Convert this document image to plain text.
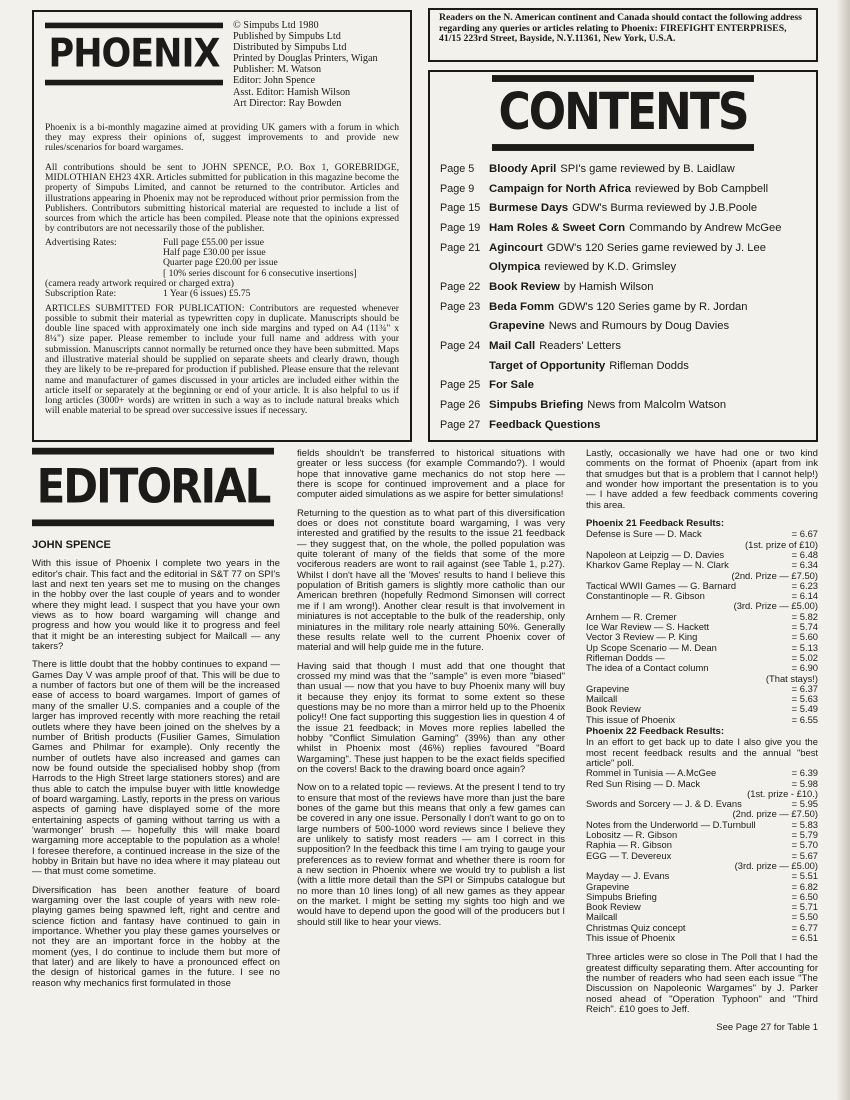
PHOENIX
© Simpubs Ltd 1980
Published by Simpubs Ltd
Distributed by Simpubs Ltd
Printed by Douglas Printers, Wigan
Publisher: M. Watson
Editor: John Spence
Asst. Editor: Hamish Wilson
Art Director: Ray Bowden

Phoenix is a bi-monthly magazine aimed at providing UK gamers with a forum in which they may express their opinions of, suggest improvements to and provide new rules/scenarios for board wargames.

All contributions should be sent to JOHN SPENCE, P.O. Box 1, GOREBRIDGE, MIDLOTHIAN EH23 4XR. Articles submitted for publication in this magazine become the property of Simpubs Limited, and cannot be returned to the contributor. Articles and illustrations appearing in Phoenix may not be reproduced without prior permission from the Publishers. Contributors submitting historical material are requested to include a list of sources from which the article has been compiled. Please note that the opinions expressed by contributors are not necessarily those of the publisher.

Advertising Rates:	Full page £55.00 per issue
Half page £30.00 per issue
Quarter page £20.00 per issue
[ 10% series discount for 6 consecutive insertions]
(camera ready artwork required or charged extra)
Subscription Rate:	1 Year (6 issues) £5.75

ARTICLES SUBMITTED FOR PUBLICATION: Contributors are requested whenever possible to submit their material as typewritten copy in duplicate. Manuscripts should be double line spaced with approximately one inch side margins and typed on A4 (11¾" x 8¼") size paper. Please remember to include your full name and address with your submission. Manuscripts cannot normally be returned once they have been submitted. Maps and illustrative material should be supplied on separate sheets and clearly drawn, though they are likely to be re-prepared for production if published. Please ensure that the relevant name and manufacturer of games discussed in your articles are included either within the article itself or separately at the beginning or end of your article. It is also helpful to us if long articles (3000+ words) are written in such a way as to include natural breaks which will enable material to be spread over successive issues if necessary.

Readers on the N. American continent and Canada should contact the following address regarding any queries or articles relating to Phoenix: FIREFIGHT ENTERPRISES, 41/15 223rd Street, Bayside, N.Y.11361, New York, U.S.A.
CONTENTS
Page 5	Bloody April SPI's game reviewed by B. Laidlaw
Page 9	Campaign for North Africa reviewed by Bob Campbell
Page 15 Burmese Days GDW's Burma reviewed by J.B.Poole
Page 19 Ham Roles & Sweet Corn Commando by Andrew McGee
Page 21 Agincourt GDW's 120 Series game reviewed by J. Lee
Olympica reviewed by K.D. Grimsley
Page 22 Book Review by Hamish Wilson
Page 23 Beda Fomm GDW's 120 Series game by R. Jordan
Grapevine News and Rumours by Doug Davies
Page 24 Mail Call Readers' Letters
Target of Opportunity Rifleman Dodds
Page 25 For Sale
Page 26 Simpubs Briefing News from Malcolm Watson
Page 27 Feedback Questions
EDITORIAL
JOHN SPENCE

With this issue of Phoenix I complete two years in the editor's chair. This fact and the editorial in S&T 77 on SPI's last and next ten years set me to musing on the changes in the hobby over the last couple of years and to wonder where they might lead. I suspect that you have your own views as to how board wargaming will change and progress and how you would like it to progress and feel that it might be an interesting subject for Mailcall — any takers?

There is little doubt that the hobby continues to expand — Games Day V was ample proof of that. This will be due to a number of factors but one of them will be the increased ease of access to board wargames. Import of games of many of the smaller U.S. companies and a couple of the larger has improved recently with more reaching the retail outlets where they have been joined on the shelves by a number of British products (Fusilier Games, Simulation Games and Philmar for example). Only recently the number of outlets have also increased and games can now be found outside the specialised hobby shop (from Harrods to the High Street large stationers stores) and are thus able to catch the impulse buyer with little knowledge of board wargaming. Lastly, reports in the press on various aspects of gaming have displayed some of the more entertaining aspects of gaming without tarring us with a 'warmonger' brush — hopefully this will make board wargaming more acceptable to the population as a whole! I foresee therefore, a continued increase in the size of the hobby in Britain but have no idea where it may plateau out — that must come sometime.

Diversification has been another feature of board wargaming over the last couple of years with new role-playing games being spawned left, right and centre and science fiction and fantasy have continued to gain in importance. Whether you play these games yourselves or not they are an important force in the hobby at the moment (yes, I do continue to include them but more of that later) and are likely to have a pronounced effect on the design of historical games in the future. I see no reason why mechanics first formulated in those

fields shouldn't be transferred to historical situations with greater or less success (for example Commando?). I would hope that innovative game mechanics do not stop here — there is scope for continued improvement and a place for computer aided simulations as we aspire for better simulations!

Returning to the question as to what part of this diversification does or does not constitute board wargaming, I was very interested and gratified by the results to the issue 21 feedback — they suggest that, on the whole, the polled population was quite tolerant of many of the fields that some of the more vociferous readers are wont to rail against (see Table 1, p.27). Whilst I don't have all the 'Moves' results to hand I believe this population of British gamers is slightly more catholic than our American brethren (hopefully Redmond Simonsen will correct me if I am wrong!). Another clear result is that involvement in miniatures is not acceptable to the bulk of the readership, only miniatures in the military role nearly attaining 50%. Generally these results relate well to the current Phoenix cover of material and will help guide me in the future.

Having said that though I must add that one thought that crossed my mind was that the "sample" is even more "biased" than usual — now that you have to buy Phoenix many will buy it because they enjoy its format to some extent so these questions may be no more than a mirror held up to the Phoenix policy!! One fact supporting this suggestion lies in question 4 of the issue 21 feedback; in Moves more replies labelled the hobby "Conflict Simulation Gaming" (39%) than any other whilst in Phoenix most (46%) replies favoured "Board Wargaming". These just happen to be the exact fields specified on the covers! Back to the drawing board once again?

Now on to a related topic — reviews. At the present I tend to try to ensure that most of the reviews have more than just the bare bones of the game but this means that only a few games can be covered in any one issue. Personally I don't want to go on to large numbers of 500-1000 word reviews since I believe they are unlikely to satisfy most readers — am I correct in this supposition? In the feedback this time I am trying to gauge your preferences as to review format and whether there is room for a new section in Phoenix where we would try to publish a list (with a little more detail than the SPI or Simpubs catalogue but no more than 10 lines long) of all new games as they appear on the market. I might be setting my sights too high and we would have to depend upon the good will of the producers but I should still like to hear your views.

Lastly, occasionally we have had one or two kind comments on the format of Phoenix (apart from ink that smudges but that is a problem that I cannot help!) and wonder how important the presentation is to you — I have added a few feedback comments covering this area.

Phoenix 21 Feedback Results:
Defense is Sure — D. Mack	= 6.67
(1st. prize of £10)
Napoleon at Leipzig — D. Davies	= 6.48
Kharkov Game Replay — N. Clark	= 6.34
(2nd. Prize — £7.50)
Tactical WWII Games — G. Barnard	= 6.23
Constantinople — R. Gibson	= 6.14
(3rd. Prize — £5.00)
Arnhem — R. Cremer	= 5.82
Ice War Review — S. Hackett	= 5.74
Vector 3 Review — P. King	= 5.60
Up Scope Scenario — M. Dean	= 5.13
Rifleman Dodds —	= 5.02
The idea of a Contact column	= 6.90
(That stays!)
Grapevine	= 6.37
Mailcall	= 5.63
Book Review	= 5.49
This issue of Phoenix	= 6.55
Phoenix 22 Feedback Results:
In an effort to get back up to date I also give you the most recent feedback results and the annual "best article" poll.
Rommel in Tunisia — A.McGee	= 6.39
Red Sun Rising — D. Mack	= 5.98
(1st. prize - £10.)
Swords and Sorcery — J. & D. Evans	= 5.95
(2nd. prize — £7.50)
Notes from the Underworld — D.Turnbull	= 5.83
Lobositz — R. Gibson	= 5.79
Raphia — R. Gibson	= 5.70
EGG — T. Devereux	= 5.67
(3rd. prize — £5.00)
Mayday — J. Evans	= 5.51
Grapevine	= 6.82
Simpubs Briefing	= 6.50
Book Review	= 5.71
Mailcall	= 5.50
Christmas Quiz concept	= 6.77
This issue of Phoenix	= 6.51

Three articles were so close in The Poll that I had the greatest difficulty separating them. After accounting for the number of readers who had seen each issue "The Discussion on Napoleonic Wargames" by J. Parker nosed ahead of "Operation Typhoon" and "Third Reich". £10 goes to Jeff.

See Page 27 for Table 1
